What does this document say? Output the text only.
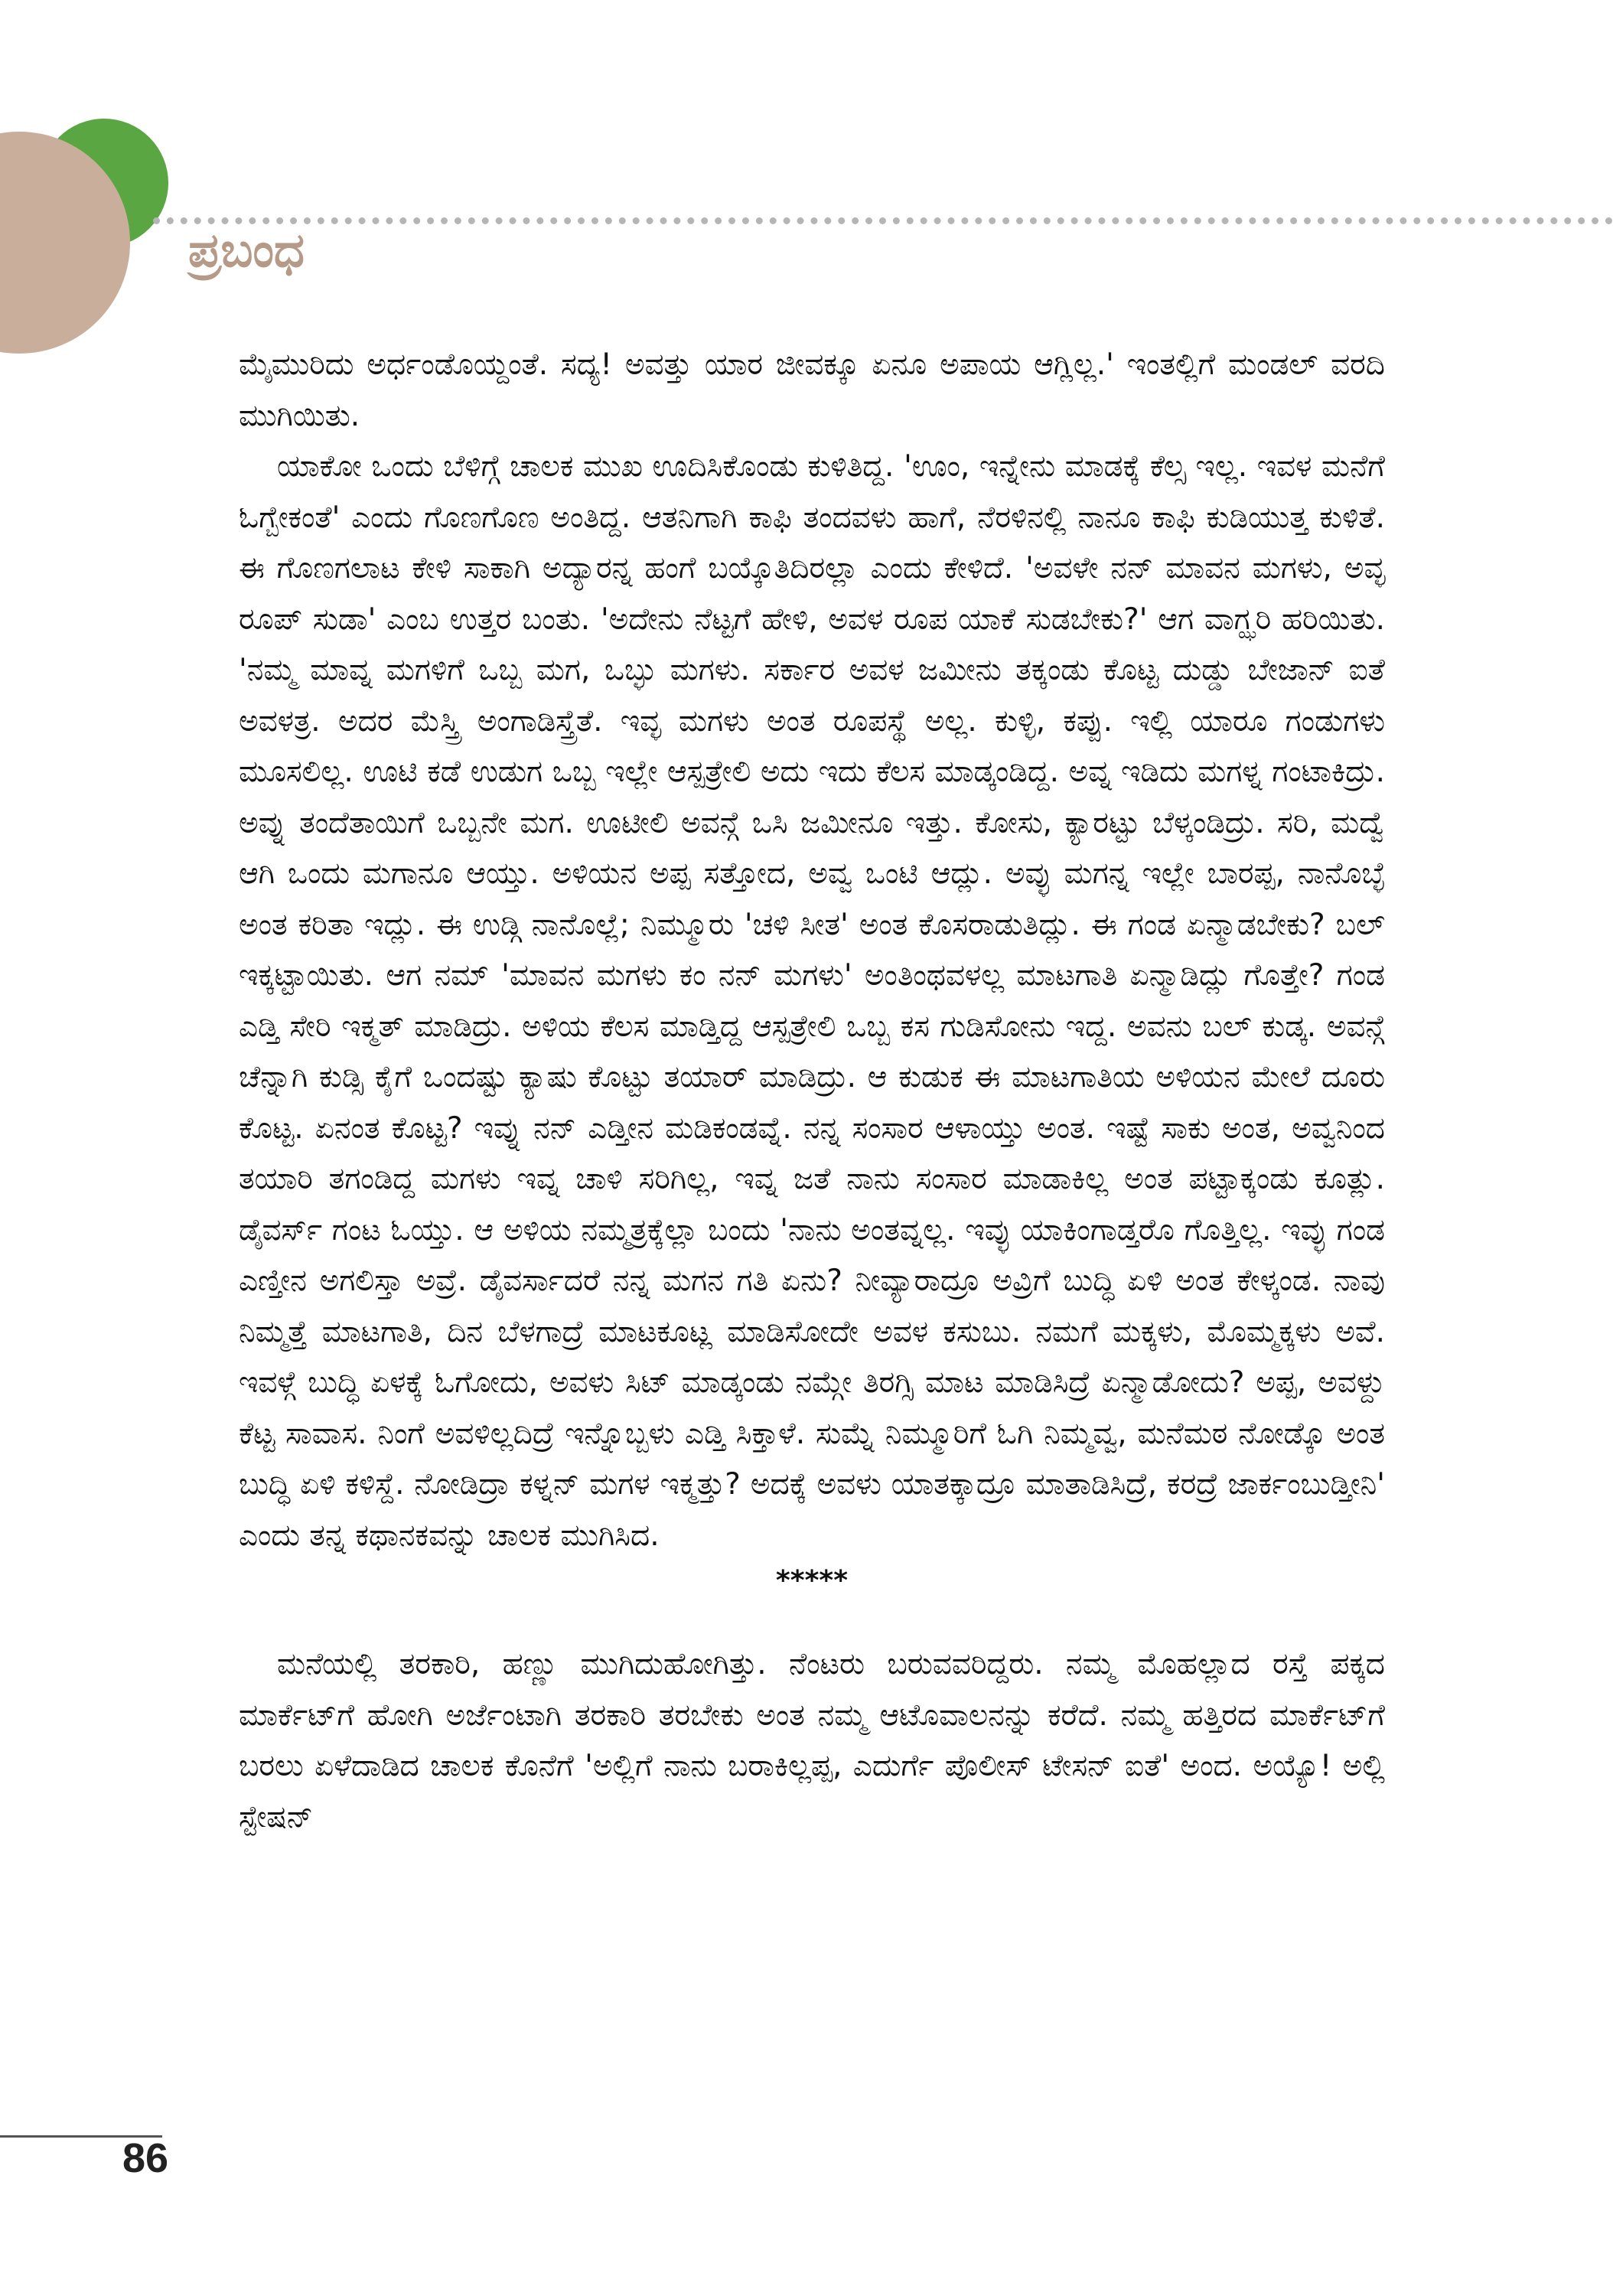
ಪ್ರಬಂಧ

ಮೈಮುರಿದು ಅರ್ಧಂಡೊಯ್ದಂತೆ. ಸದ್ಯ! ಅವತ್ತು ಯಾರ ಜೀವಕ್ಕೂ ಏನೂ ಅಪಾಯ ಆಗ್ಲಿಲ್ಲ.' ಇಂತಲ್ಲಿಗೆ ಮಂಡಲ್ ವರದಿ ಮುಗಿಯಿತು.

ಯಾಕೋ ಒಂದು ಬೆಳಿಗ್ಗೆ ಚಾಲಕ ಮುಖ ಊದಿಸಿಕೊಂಡು ಕುಳಿತಿದ್ದ. 'ಊಂ, ಇನ್ನೇನು ಮಾಡಕ್ಕೆ ಕೆಲ್ಸ ಇಲ್ಲ. ಇವಳ ಮನೆಗೆ ಓಗ್ಬೇಕಂತೆ' ಎಂದು ಗೊಣಗೊಣ ಅಂತಿದ್ದ. ಆತನಿಗಾಗಿ ಕಾಫಿ ತಂದವಳು ಹಾಗೆ, ನೆರಳಿನಲ್ಲಿ ನಾನೂ ಕಾಫಿ ಕುಡಿಯುತ್ತ ಕುಳಿತೆ. ಈ ಗೊಣಗಲಾಟ ಕೇಳಿ ಸಾಕಾಗಿ ಅದ್ಯಾರನ್ನ ಹಂಗೆ ಬಯ್ಕೊತಿದಿರಲ್ಲಾ ಎಂದು ಕೇಳಿದೆ. 'ಅವಳೇ ನನ್ ಮಾವನ ಮಗಳು, ಅವ್ಳ ರೂಪ್ ಸುಡಾ' ಎಂಬ ಉತ್ತರ ಬಂತು. 'ಅದೇನು ನೆಟ್ಟಗೆ ಹೇಳಿ, ಅವಳ ರೂಪ ಯಾಕೆ ಸುಡಬೇಕು?' ಆಗ ವಾಗ್ಝರಿ ಹರಿಯಿತು. 'ನಮ್ಮ ಮಾವ್ನ ಮಗಳಿಗೆ ಒಬ್ಬ ಮಗ, ಒಬ್ಳು ಮಗಳು. ಸರ್ಕಾರ ಅವಳ ಜಮೀನು ತಕ್ಕಂಡು ಕೊಟ್ಟ ದುಡ್ಡು ಬೇಜಾನ್ ಐತೆ ಅವಳತ್ರ. ಅದರ ಮೆಸ್ತ್ರಿ ಅಂಗಾಡಿಸ್ತ್ರೆತೆ. ಇವ್ಳ ಮಗಳು ಅಂತ ರೂಪಸ್ಥೆ ಅಲ್ಲ. ಕುಳ್ಳಿ, ಕಪ್ಪು. ಇಲ್ಲಿ ಯಾರೂ ಗಂಡುಗಳು ಮೂಸಲಿಲ್ಲ. ಊಟಿ ಕಡೆ ಉಡುಗ ಒಬ್ಬ ಇಲ್ಲೇ ಆಸ್ಪತ್ರೇಲಿ ಅದು ಇದು ಕೆಲಸ ಮಾಡ್ಕಂಡಿದ್ದ. ಅವ್ನ ಇಡಿದು ಮಗಳ್ನ ಗಂಟಾಕಿದ್ರು. ಅವ್ನು ತಂದೆತಾಯಿಗೆ ಒಬ್ಬನೇ ಮಗ. ಊಟೀಲಿ ಅವನ್ಗೆ ಒಸಿ ಜಮೀನೂ ಇತ್ತು. ಕೋಸು, ಕ್ಯಾರಟ್ಟು ಬೆಳ್ಕಂಡಿದ್ರು. ಸರಿ, ಮದ್ವೆ ಆಗಿ ಒಂದು ಮಗಾನೂ ಆಯ್ತು. ಅಳಿಯನ ಅಪ್ಪ ಸತ್ತೋದ, ಅವ್ವ ಒಂಟಿ ಆದ್ಲು. ಅವ್ಳು ಮಗನ್ನ ಇಲ್ಲೇ ಬಾರಪ್ಪ, ನಾನೊಬ್ಳೆ ಅಂತ ಕರಿತಾ ಇದ್ಲು. ಈ ಉಡ್ಗಿ ನಾನೊಲ್ಲೆ; ನಿಮ್ಮೂರು 'ಚಳಿ ಸೀತ' ಅಂತ ಕೊಸರಾಡುತಿದ್ಲು. ಈ ಗಂಡ ಏನ್ಮಾಡಬೇಕು? ಬಲ್ ಇಕ್ಕಟ್ಟಾಯಿತು. ಆಗ ನಮ್ 'ಮಾವನ ಮಗಳು ಕಂ ನನ್ ಮಗಳು' ಅಂತಿಂಥವಳಲ್ಲ ಮಾಟಗಾತಿ ಏನ್ಮಾಡಿದ್ಲು ಗೊತ್ತೇ? ಗಂಡ ಎಡ್ತಿ ಸೇರಿ ಇಕ್ಮತ್ ಮಾಡಿದ್ರು. ಅಳಿಯ ಕೆಲಸ ಮಾಡ್ತಿದ್ದ ಆಸ್ಪತ್ರೇಲಿ ಒಬ್ಬ ಕಸ ಗುಡಿಸೋನು ಇದ್ದ. ಅವನು ಬಲ್ ಕುಡ್ಕ. ಅವನ್ಗೆ ಚೆನ್ನಾಗಿ ಕುಡ್ಸಿ ಕೈಗೆ ಒಂದಷ್ಟು ಕ್ಯಾಷು ಕೊಟ್ಟು ತಯಾರ್ ಮಾಡಿದ್ರು. ಆ ಕುಡುಕ ಈ ಮಾಟಗಾತಿಯ ಅಳಿಯನ ಮೇಲೆ ದೂರು ಕೊಟ್ಟ. ಏನಂತ ಕೊಟ್ಟ? ಇವ್ನು ನನ್ ಎಡ್ತೀನ ಮಡಿಕಂಡವ್ನೆ. ನನ್ನ ಸಂಸಾರ ಆಳಾಯ್ತು ಅಂತ. ಇಷ್ಟೆ ಸಾಕು ಅಂತ, ಅವ್ವನಿಂದ ತಯಾರಿ ತಗಂಡಿದ್ದ ಮಗಳು ಇವ್ನ ಚಾಳಿ ಸರಿಗಿಲ್ಲ, ಇವ್ನ ಜತೆ ನಾನು ಸಂಸಾರ ಮಾಡಾಕಿಲ್ಲ ಅಂತ ಪಟ್ಟಾಕ್ಕಂಡು ಕೂತ್ಲು. ಡೈವರ್ಸ್ ಗಂಟ ಓಯ್ತು. ಆ ಅಳಿಯ ನಮ್ಮತ್ರಕ್ಕೆಲ್ಲಾ ಬಂದು 'ನಾನು ಅಂತವ್ನಲ್ಲ. ಇವ್ಳು ಯಾಕಿಂಗಾಡ್ತರೊ ಗೊತ್ತಿಲ್ಲ. ಇವ್ಳು ಗಂಡ ಎಣ್ತೀನ ಅಗಲಿಸ್ತಾ ಅವ್ರೆ. ಡೈವರ್ಸಾದರೆ ನನ್ನ ಮಗನ ಗತಿ ಏನು? ನೀವ್ಯಾರಾದ್ರೂ ಅವ್ರಿಗೆ ಬುದ್ಧಿ ಏಳಿ ಅಂತ ಕೇಳ್ಕಂಡ. ನಾವು ನಿಮ್ಮತ್ತೆ ಮಾಟಗಾತಿ, ದಿನ ಬೆಳಗಾದ್ರೆ ಮಾಟಕೂಟ್ಲ ಮಾಡಿಸೋದೇ ಅವಳ ಕಸುಬು. ನಮಗೆ ಮಕ್ಕಳು, ಮೊಮ್ಮಕ್ಕಳು ಅವೆ. ಇವಳ್ಗೆ ಬುದ್ಧಿ ಏಳಕ್ಕೆ ಓಗೋದು, ಅವಳು ಸಿಟ್ ಮಾಡ್ಕಂಡು ನಮ್ಗೇ ತಿರಗ್ಸಿ ಮಾಟ ಮಾಡಿಸಿದ್ರೆ ಏನ್ಮಾಡೋದು? ಅಪ್ಪ, ಅವಳ್ದು ಕೆಟ್ಟ ಸಾವಾಸ. ನಿಂಗೆ ಅವಳಿಲ್ಲದಿದ್ರೆ ಇನ್ನೊಬ್ಬಳು ಎಡ್ತಿ ಸಿಕ್ತಾಳೆ. ಸುಮ್ನೆ ನಿಮ್ಮೂರಿಗೆ ಓಗಿ ನಿಮ್ಮವ್ವ, ಮನೆಮಠ ನೋಡ್ಕೊ ಅಂತ ಬುದ್ಧಿ ಏಳಿ ಕಳಿಸ್ದೆ. ನೋಡಿದ್ರಾ ಕಳ್ನನ್ ಮಗಳ ಇಕ್ಮತ್ತು? ಅದಕ್ಕೆ ಅವಳು ಯಾತಕ್ಕಾದ್ರೂ ಮಾತಾಡಿಸಿದ್ರೆ, ಕರದ್ರೆ ಜಾರ್ಕಂಬುಡ್ತೀನಿ' ಎಂದು ತನ್ನ ಕಥಾನಕವನ್ನು ಚಾಲಕ ಮುಗಿಸಿದ.

*****

ಮನೆಯಲ್ಲಿ ತರಕಾರಿ, ಹಣ್ಣು ಮುಗಿದುಹೋಗಿತ್ತು. ನೆಂಟರು ಬರುವವರಿದ್ದರು. ನಮ್ಮ ಮೊಹಲ್ಲಾದ ರಸ್ತೆ ಪಕ್ಕದ ಮಾರ್ಕೆಟ್‌ಗೆ ಹೋಗಿ ಅರ್ಜೆಂಟಾಗಿ ತರಕಾರಿ ತರಬೇಕು ಅಂತ ನಮ್ಮ ಆಟೊವಾಲನನ್ನು ಕರೆದೆ. ನಮ್ಮ ಹತ್ತಿರದ ಮಾರ್ಕೆಟ್‌ಗೆ ಬರಲು ಏಳೆದಾಡಿದ ಚಾಲಕ ಕೊನೆಗೆ 'ಅಲ್ಲಿಗೆ ನಾನು ಬರಾಕಿಲ್ಲಪ್ಪ, ಎದುರ್ಗೆ ಪೊಲೀಸ್ ಟೇಸನ್ ಐತೆ' ಅಂದ. ಅಯ್ಯೊ! ಅಲ್ಲಿ ಸ್ಟೇಷನ್

86
